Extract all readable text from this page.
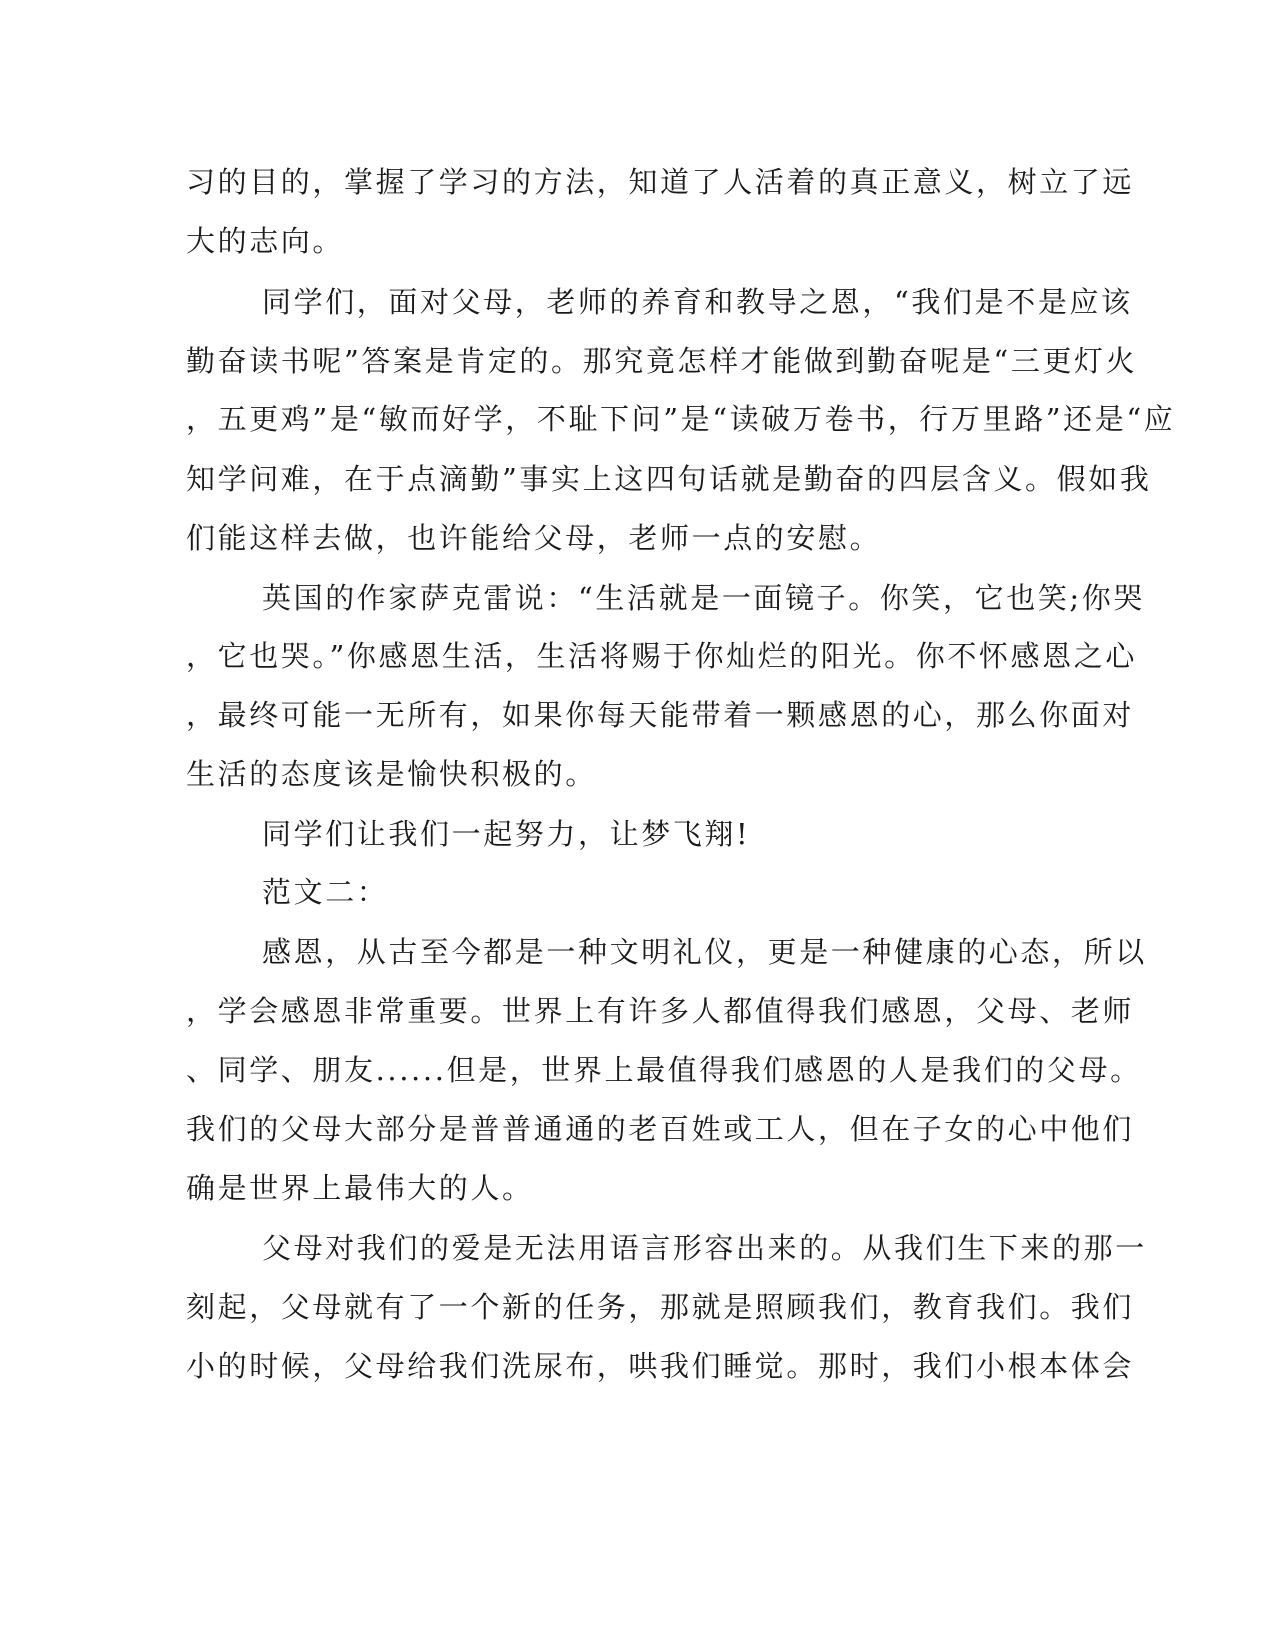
习的目的，掌握了学习的方法，知道了人活着的真正意义，树立了远
大的志向。
同学们，面对父母，老师的养育和教导之恩，“我们是不是应该
勤奋读书呢”答案是肯定的。那究竟怎样才能做到勤奋呢是“三更灯火
，五更鸡”是“敏而好学，不耻下问”是“读破万卷书，行万里路”还是“应
知学问难，在于点滴勤”事实上这四句话就是勤奋的四层含义。假如我
们能这样去做，也许能给父母，老师一点的安慰。
英国的作家萨克雷说：“生活就是一面镜子。你笑，它也笑;你哭
，它也哭。”你感恩生活，生活将赐于你灿烂的阳光。你不怀感恩之心
，最终可能一无所有，如果你每天能带着一颗感恩的心，那么你面对
生活的态度该是愉快积极的。
同学们让我们一起努力，让梦飞翔!
范文二：
感恩，从古至今都是一种文明礼仪，更是一种健康的心态，所以
，学会感恩非常重要。世界上有许多人都值得我们感恩，父母、老师
、同学、朋友......但是，世界上最值得我们感恩的人是我们的父母。
我们的父母大部分是普普通通的老百姓或工人，但在子女的心中他们
确是世界上最伟大的人。
父母对我们的爱是无法用语言形容出来的。从我们生下来的那一
刻起，父母就有了一个新的任务，那就是照顾我们，教育我们。我们
小的时候，父母给我们洗尿布，哄我们睡觉。那时，我们小根本体会
